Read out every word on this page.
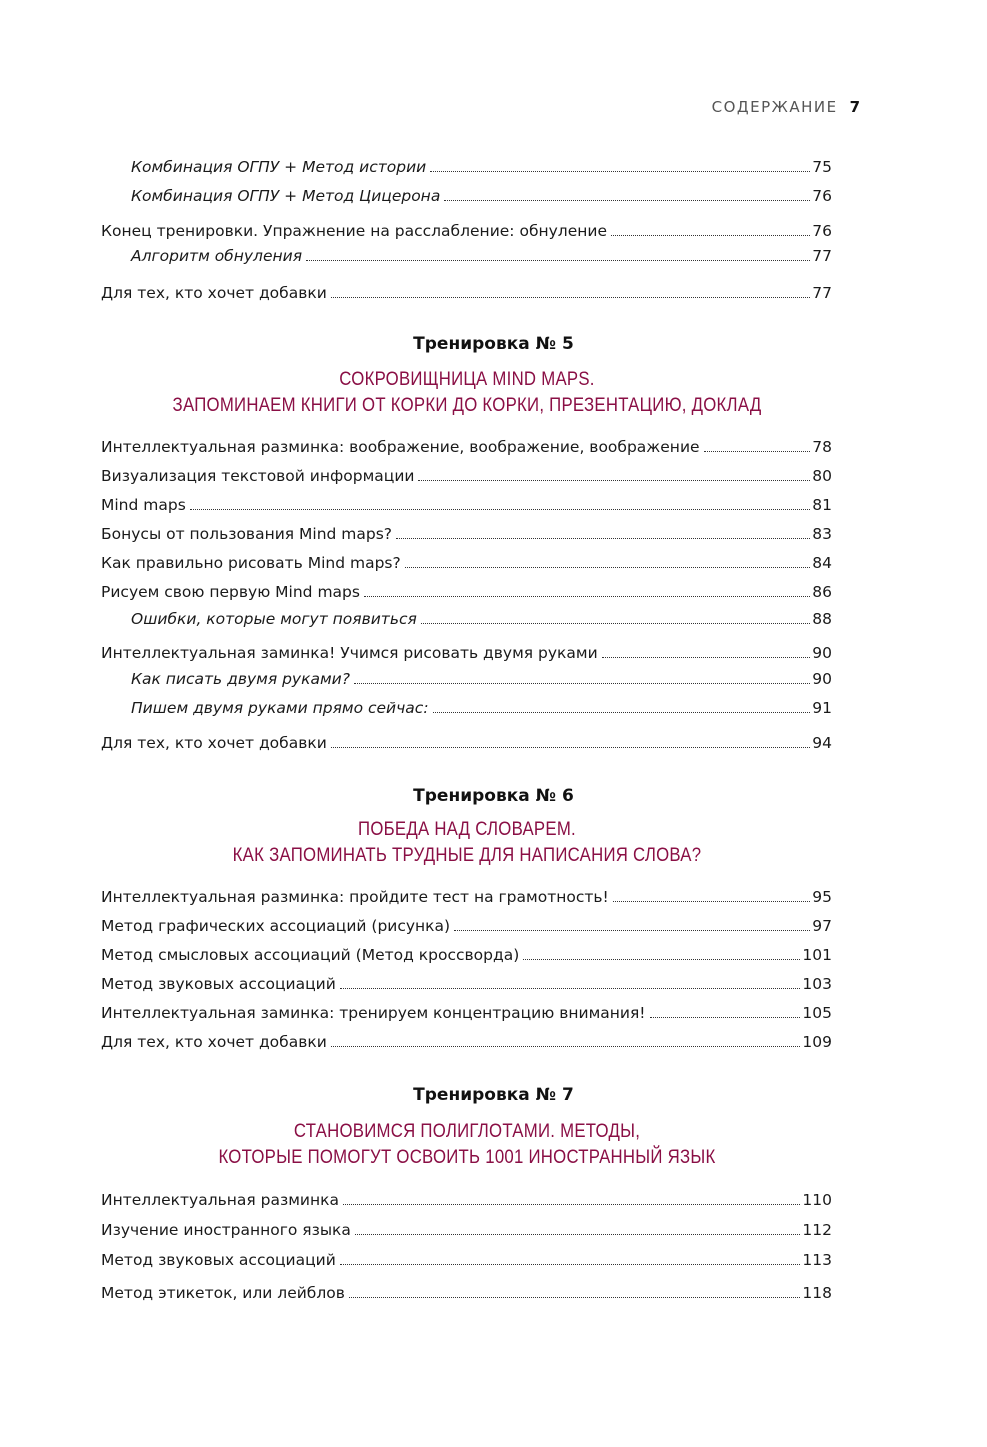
СОДЕРЖАНИЕ 7
Комбинация ОГПУ + Метод истории	75
Комбинация ОГПУ + Метод Цицерона	76
Конец тренировки. Упражнение на расслабление: обнуление	76
Алгоритм обнуления	77
Для тех, кто хочет добавки	77
Тренировка № 5
СОКРОВИЩНИЦА MIND MAPS.
ЗАПОМИНАЕМ КНИГИ ОТ КОРКИ ДО КОРКИ, ПРЕЗЕНТАЦИЮ, ДОКЛАД
Интеллектуальная разминка: воображение, воображение, воображение	78
Визуализация текстовой информации	80
Mind maps	81
Бонусы от пользования Mind maps?	83
Как правильно рисовать Mind maps?	84
Рисуем свою первую Mind maps	86
Ошибки, которые могут появиться	88
Интеллектуальная заминка! Учимся рисовать двумя руками	90
Как писать двумя руками?	90
Пишем двумя руками прямо сейчас:	91
Для тех, кто хочет добавки	94
Тренировка № 6
ПОБЕДА НАД СЛОВАРЕМ.
КАК ЗАПОМИНАТЬ ТРУДНЫЕ ДЛЯ НАПИСАНИЯ СЛОВА?
Интеллектуальная разминка: пройдите тест на грамотность!	95
Метод графических ассоциаций (рисунка)	97
Метод смысловых ассоциаций (Метод кроссворда)	101
Метод звуковых ассоциаций	103
Интеллектуальная заминка: тренируем концентрацию внимания!	105
Для тех, кто хочет добавки	109
Тренировка № 7
СТАНОВИМСЯ ПОЛИГЛОТАМИ. МЕТОДЫ,
КОТОРЫЕ ПОМОГУТ ОСВОИТЬ 1001 ИНОСТРАННЫЙ ЯЗЫК
Интеллектуальная разминка	110
Изучение иностранного языка	112
Метод звуковых ассоциаций	113
Метод этикеток, или лейблов	118
